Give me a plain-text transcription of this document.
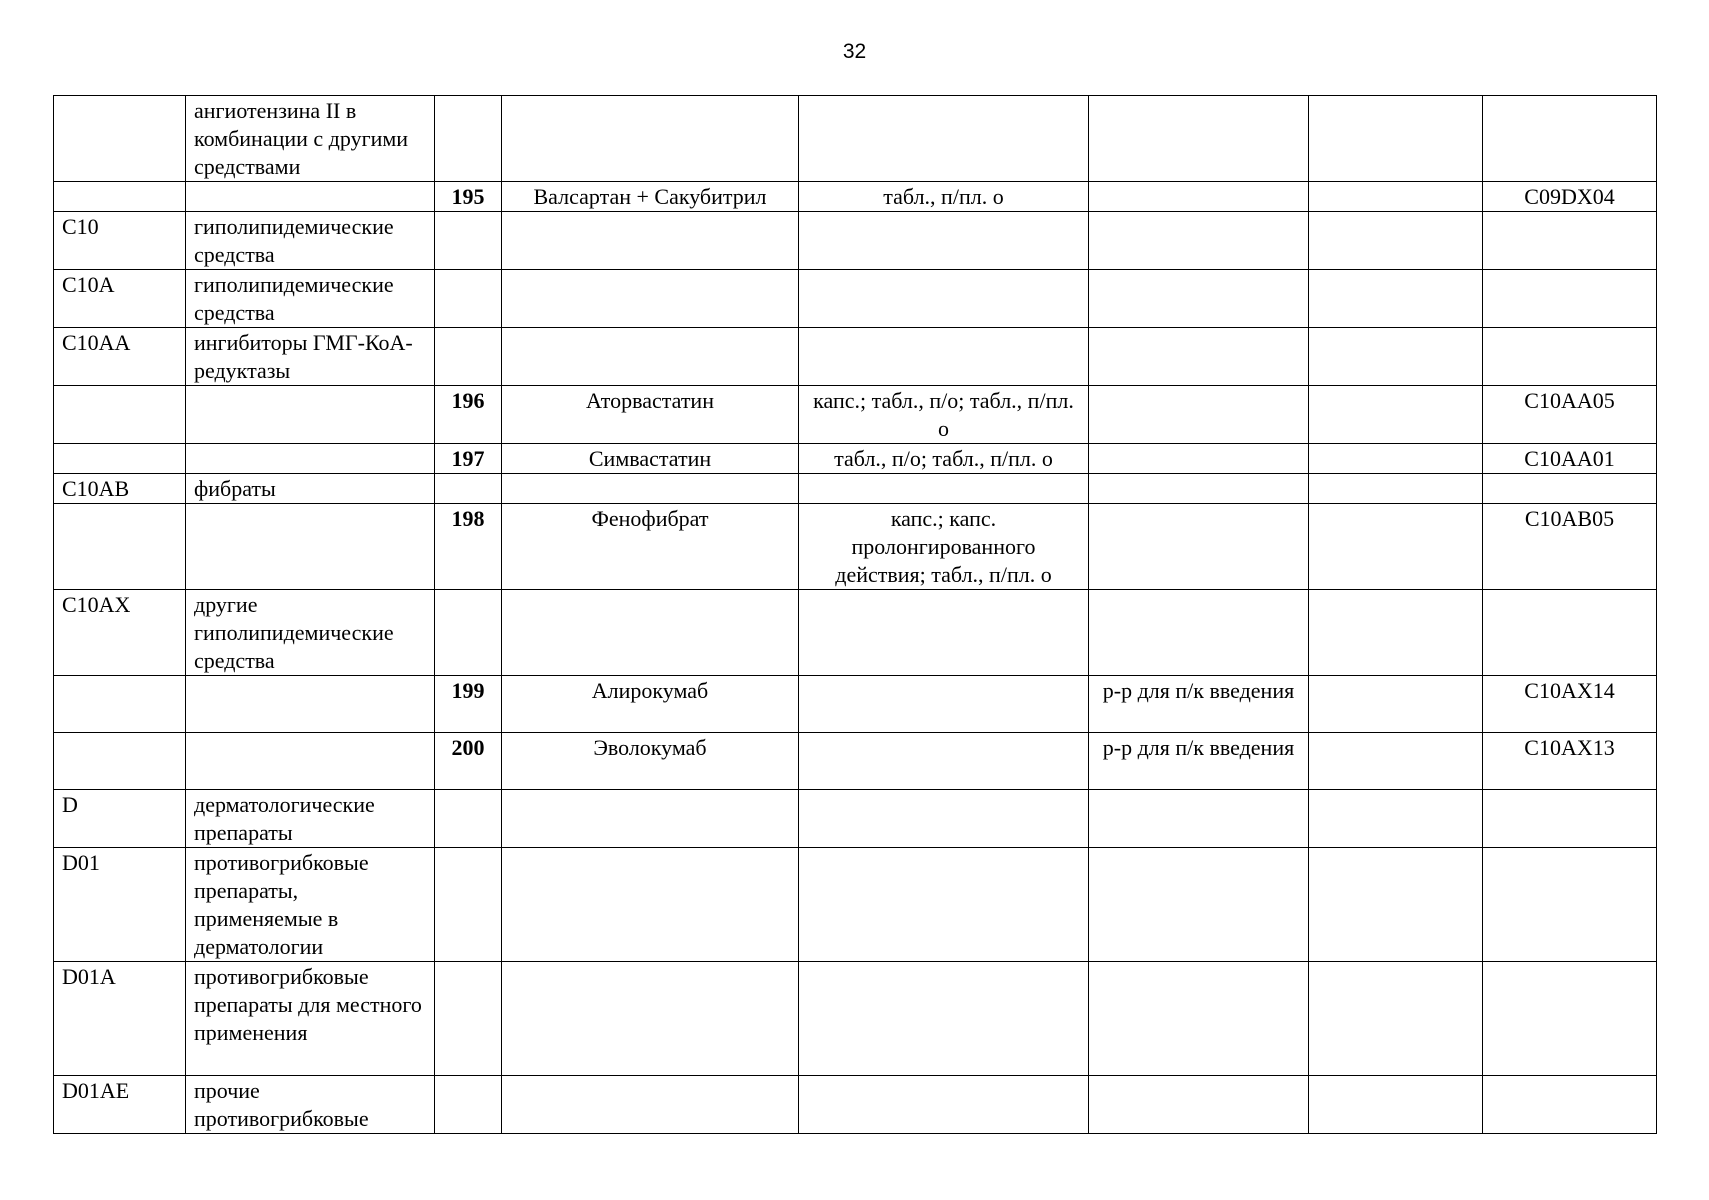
32
	ангиотензина II в комбинации с другими средствами						
		195	Валсартан + Сакубитрил	табл., п/пл. о			C09DX04
C10	гиполипидемические средства						
C10A	гиполипидемические средства						
C10AA	ингибиторы ГМГ-КоА-редуктазы						
		196	Аторвастатин	капс.; табл., п/о; табл., п/пл. о			C10AA05
		197	Симвастатин	табл., п/о; табл., п/пл. о			C10AA01
C10AB	фибраты						
		198	Фенофибрат	капс.; капс. пролонгированного действия; табл., п/пл. о			C10AB05
C10AX	другие гиполипидемические средства						
		199	Алирокумаб		р-р для п/к введения		C10AX14
		200	Эволокумаб		р-р для п/к введения		C10AX13
D	дерматологические препараты						
D01	противогрибковые препараты, применяемые в дерматологии						
D01A	противогрибковые препараты для местного применения						
D01AE	прочие противогрибковые						
